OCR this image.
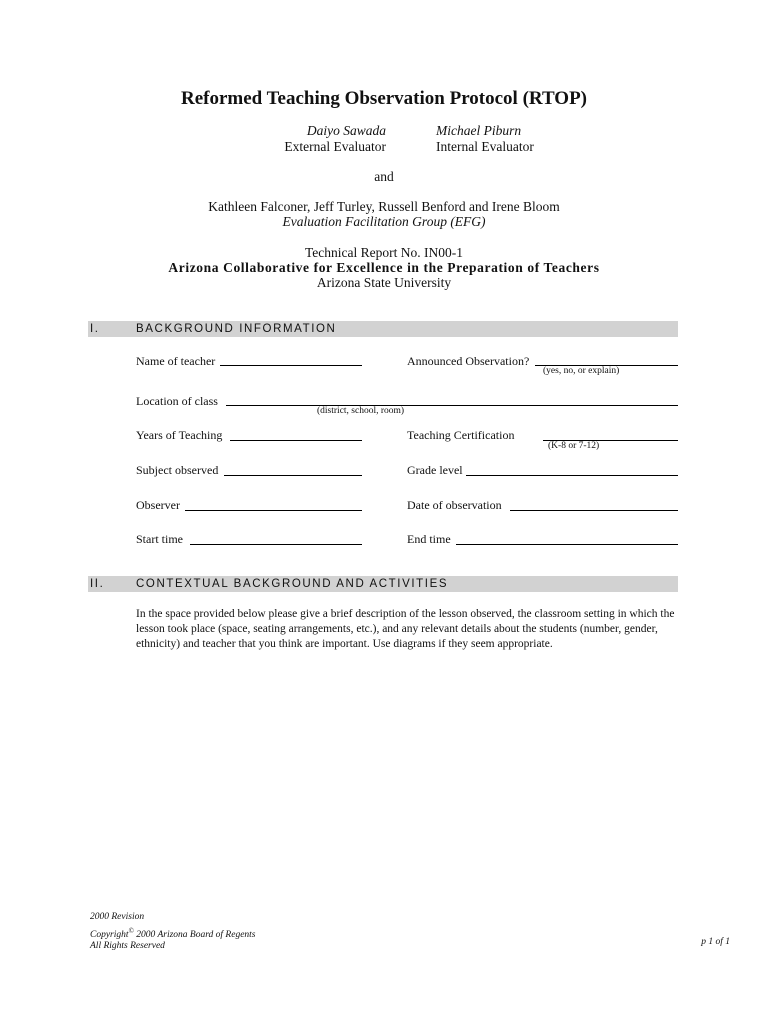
Reformed Teaching Observation Protocol (RTOP)
Daiyo Sawada
External Evaluator
Michael Piburn
Internal Evaluator
and
Kathleen Falconer, Jeff Turley, Russell Benford and Irene Bloom
Evaluation Facilitation Group (EFG)
Technical Report No. IN00-1
Arizona Collaborative for Excellence in the Preparation of Teachers
Arizona State University
I.	BACKGROUND INFORMATION
Name of teacher	Announced Observation?
(yes, no, or explain)
Location of class
(district, school, room)
Years of Teaching	Teaching Certification
(K-8 or 7-12)
Subject observed	Grade level
Observer	Date of observation
Start time	End time
II.	CONTEXTUAL BACKGROUND AND ACTIVITIES
In the space provided below please give a brief description of the lesson observed, the classroom setting in which the lesson took place (space, seating arrangements, etc.), and any relevant details about the students (number, gender, ethnicity) and teacher that you think are important. Use diagrams if they seem appropriate.
2000 Revision
Copyright© 2000 Arizona Board of Regents
All Rights Reserved	p 1 of 1
